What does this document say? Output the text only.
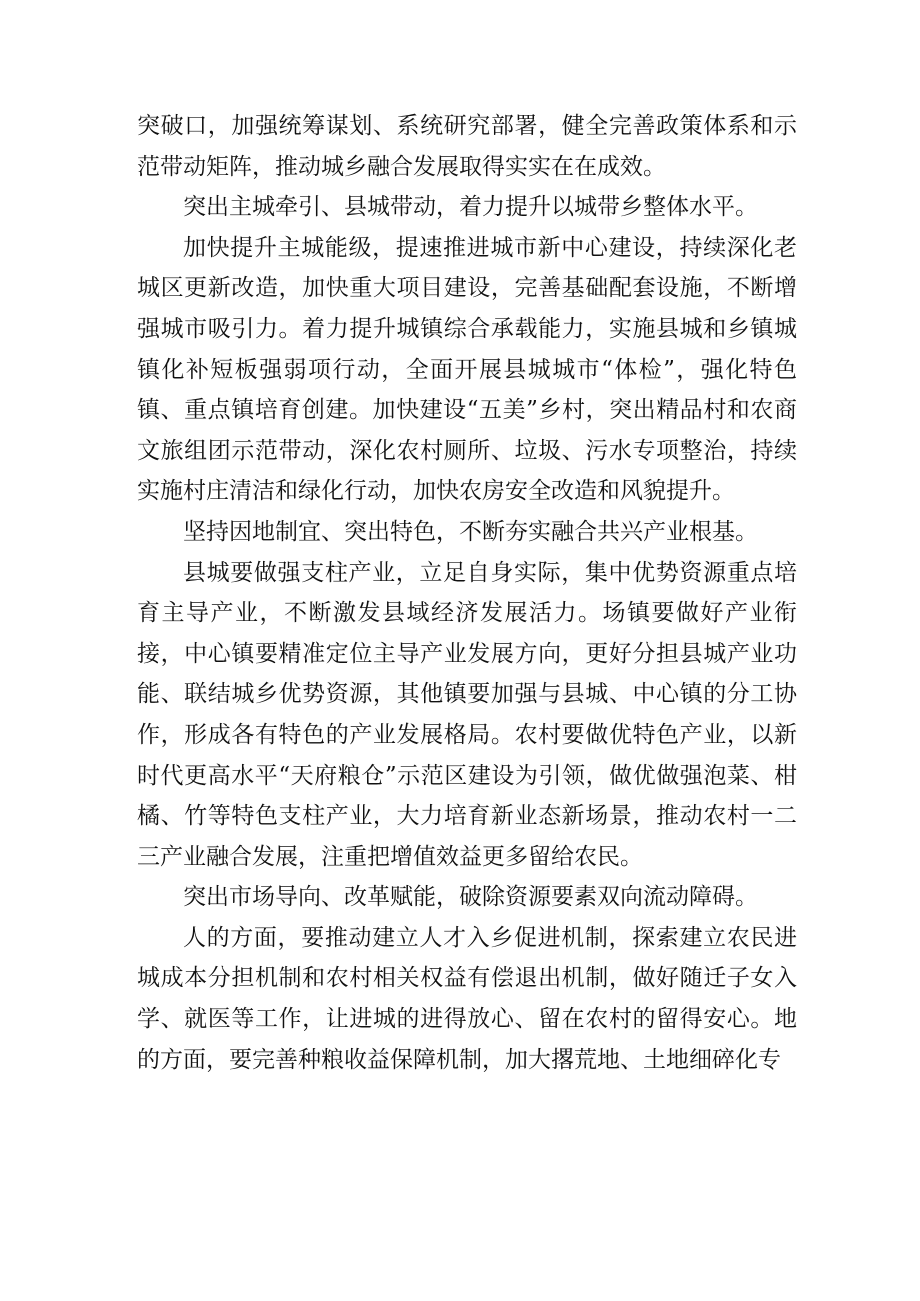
突破口，加强统筹谋划、系统研究部署，健全完善政策体系和示范带动矩阵，推动城乡融合发展取得实实在在成效。

突出主城牵引、县城带动，着力提升以城带乡整体水平。

加快提升主城能级，提速推进城市新中心建设，持续深化老城区更新改造，加快重大项目建设，完善基础配套设施，不断增强城市吸引力。着力提升城镇综合承载能力，实施县城和乡镇城镇化补短板强弱项行动，全面开展县城城市“体检”，强化特色镇、重点镇培育创建。加快建设“五美”乡村，突出精品村和农商文旅组团示范带动，深化农村厕所、垃圾、污水专项整治，持续实施村庄清洁和绿化行动，加快农房安全改造和风貌提升。

坚持因地制宜、突出特色，不断夯实融合共兴产业根基。

县城要做强支柱产业，立足自身实际，集中优势资源重点培育主导产业，不断激发县域经济发展活力。场镇要做好产业衔接，中心镇要精准定位主导产业发展方向，更好分担县城产业功能、联结城乡优势资源，其他镇要加强与县城、中心镇的分工协作，形成各有特色的产业发展格局。农村要做优特色产业，以新时代更高水平“天府粮仓”示范区建设为引领，做优做强泡菜、柑橘、竹等特色支柱产业，大力培育新业态新场景，推动农村一二三产业融合发展，注重把增值效益更多留给农民。

突出市场导向、改革赋能，破除资源要素双向流动障碍。

人的方面，要推动建立人才入乡促进机制，探索建立农民进城成本分担机制和农村相关权益有偿退出机制，做好随迁子女入学、就医等工作，让进城的进得放心、留在农村的留得安心。地的方面，要完善种粮收益保障机制，加大撂荒地、土地细碎化专
